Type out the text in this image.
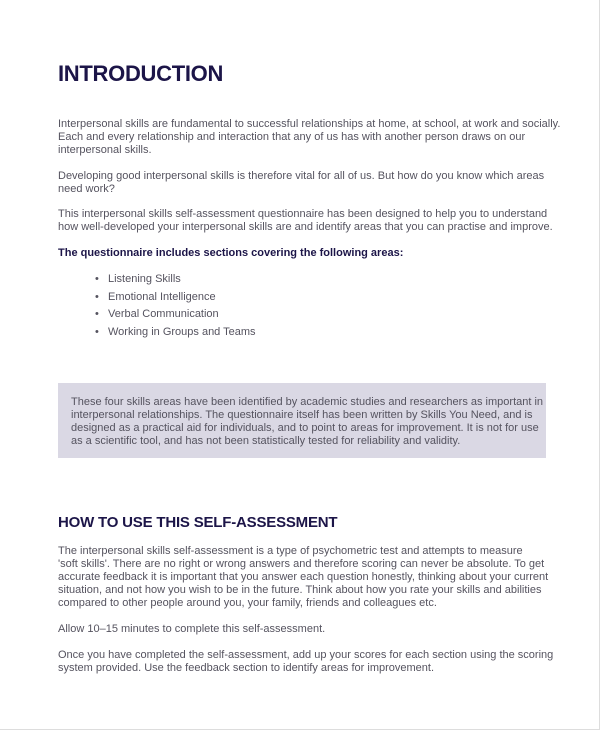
INTRODUCTION
Interpersonal skills are fundamental to successful relationships at home, at school, at work and socially.
Each and every relationship and interaction that any of us has with another person draws on our
interpersonal skills.
Developing good interpersonal skills is therefore vital for all of us. But how do you know which areas
need work?
This interpersonal skills self-assessment questionnaire has been designed to help you to understand
how well-developed your interpersonal skills are and identify areas that you can practise and improve.
The questionnaire includes sections covering the following areas:
• Listening Skills
• Emotional Intelligence
• Verbal Communication
• Working in Groups and Teams
These four skills areas have been identified by academic studies and researchers as important in
interpersonal relationships. The questionnaire itself has been written by Skills You Need, and is
designed as a practical aid for individuals, and to point to areas for improvement. It is not for use
as a scientific tool, and has not been statistically tested for reliability and validity.
HOW TO USE THIS SELF-ASSESSMENT
The interpersonal skills self-assessment is a type of psychometric test and attempts to measure
'soft skills'. There are no right or wrong answers and therefore scoring can never be absolute. To get
accurate feedback it is important that you answer each question honestly, thinking about your current
situation, and not how you wish to be in the future. Think about how you rate your skills and abilities
compared to other people around you, your family, friends and colleagues etc.
Allow 10–15 minutes to complete this self-assessment.
Once you have completed the self-assessment, add up your scores for each section using the scoring
system provided. Use the feedback section to identify areas for improvement.
